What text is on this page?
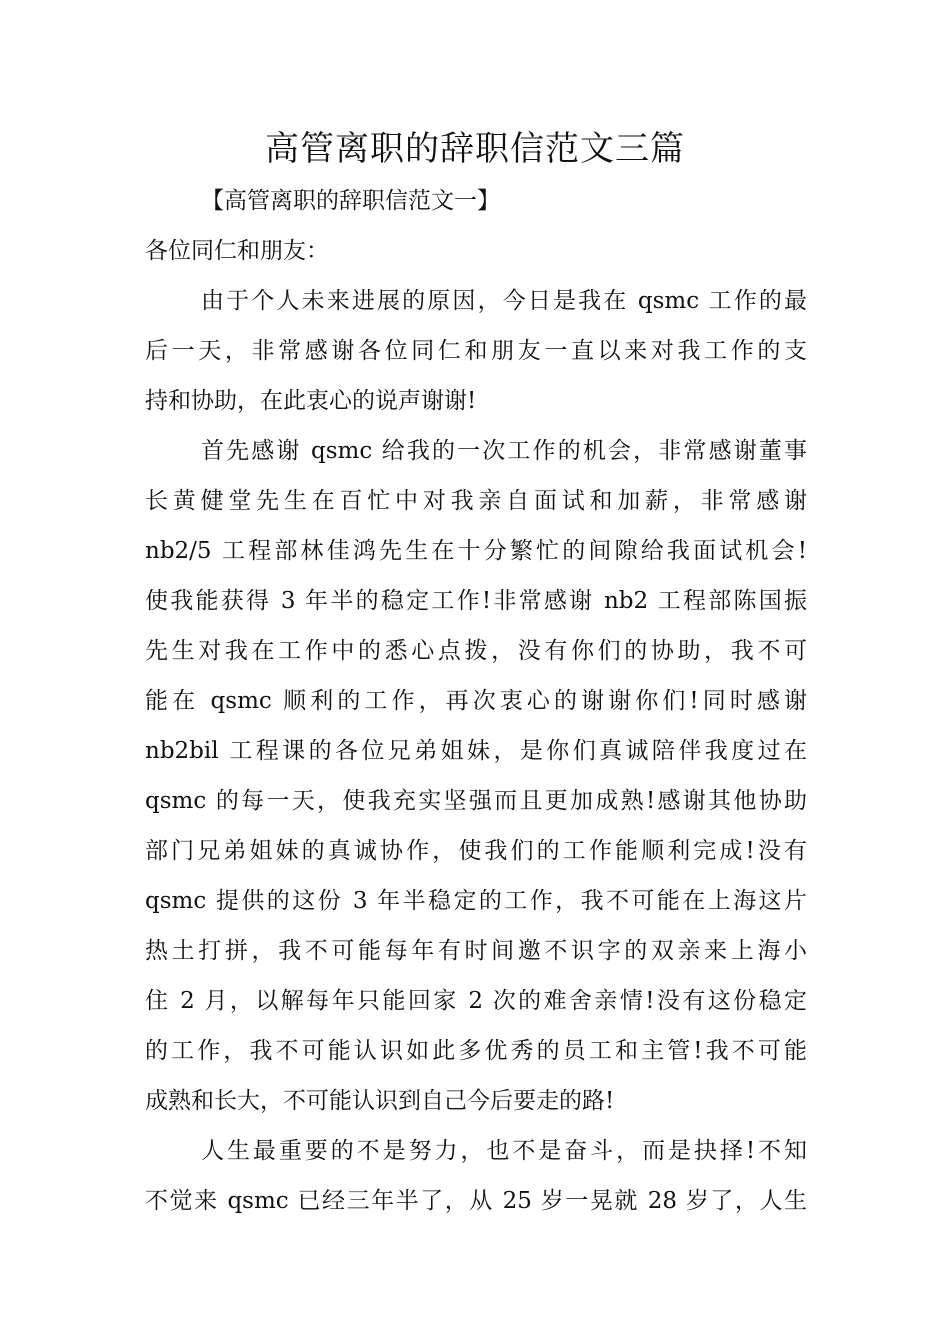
高管离职的辞职信范文三篇

【高管离职的辞职信范文一】

各位同仁和朋友：

由于个人未来进展的原因，今日是我在 qsmc 工作的最
后一天，非常感谢各位同仁和朋友一直以来对我工作的支
持和协助，在此衷心的说声谢谢!
首先感谢 qsmc 给我的一次工作的机会，非常感谢董事
长黄健堂先生在百忙中对我亲自面试和加薪，非常感谢
nb2/5 工程部林佳鸿先生在十分繁忙的间隙给我面试机会!
使我能获得 3 年半的稳定工作!非常感谢 nb2 工程部陈国振
先生对我在工作中的悉心点拨，没有你们的协助，我不可
能在 qsmc 顺利的工作，再次衷心的谢谢你们!同时感谢
nb2bil 工程课的各位兄弟姐妹，是你们真诚陪伴我度过在
qsmc 的每一天，使我充实坚强而且更加成熟!感谢其他协助
部门兄弟姐妹的真诚协作，使我们的工作能顺利完成!没有
qsmc 提供的这份 3 年半稳定的工作，我不可能在上海这片
热土打拼，我不可能每年有时间邀不识字的双亲来上海小
住 2 月，以解每年只能回家 2 次的难舍亲情!没有这份稳定
的工作，我不可能认识如此多优秀的员工和主管!我不可能
成熟和长大，不可能认识到自己今后要走的路!
人生最重要的不是努力，也不是奋斗，而是抉择!不知
不觉来 qsmc 已经三年半了，从 25 岁一晃就 28 岁了，人生
